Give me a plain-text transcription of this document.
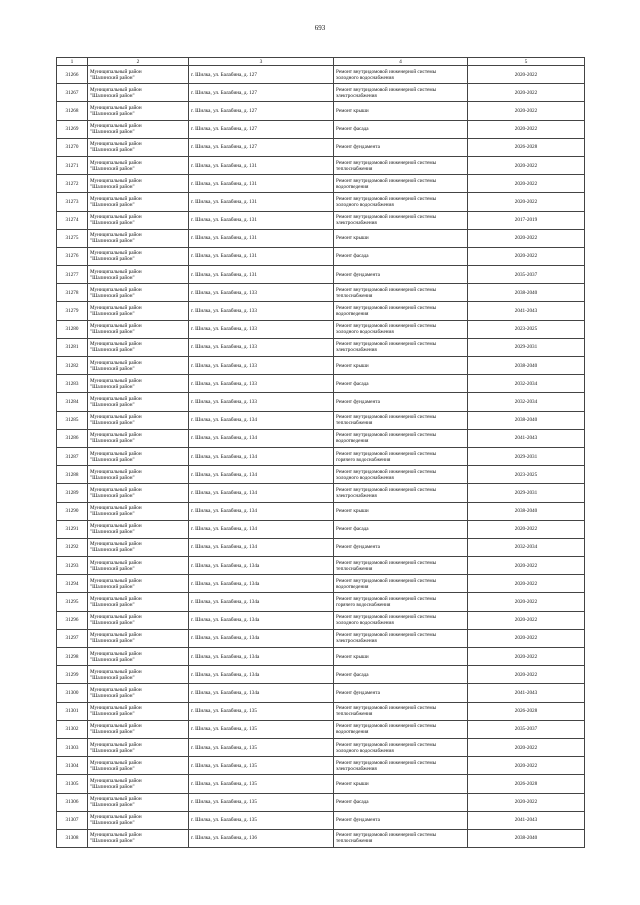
693
1	2	3	4	5
31266	Муниципальный район
"Шалинский район"	г. Шилка, ул. Балабина, д. 127	Ремонт внутридомовой инженерной системы
холодного водоснабжения	2020-2022
31267	Муниципальный район
"Шалинский район"	г. Шилка, ул. Балабина, д. 127	Ремонт внутридомовой инженерной системы
электроснабжения	2020-2022
31268	Муниципальный район
"Шалинский район"	г. Шилка, ул. Балабина, д. 127	Ремонт крыши	2020-2022
31269	Муниципальный район
"Шалинский район"	г. Шилка, ул. Балабина, д. 127	Ремонт фасада	2020-2022
31270	Муниципальный район
"Шалинский район"	г. Шилка, ул. Балабина, д. 127	Ремонт фундамента	2026-2028
31271	Муниципальный район
"Шалинский район"	г. Шилка, ул. Балабина, д. 131	Ремонт внутридомовой инженерной системы
теплоснабжения	2020-2022
31272	Муниципальный район
"Шалинский район"	г. Шилка, ул. Балабина, д. 131	Ремонт внутридомовой инженерной системы
водоотведения	2020-2022
31273	Муниципальный район
"Шалинский район"	г. Шилка, ул. Балабина, д. 131	Ремонт внутридомовой инженерной системы
холодного водоснабжения	2020-2022
31274	Муниципальный район
"Шалинский район"	г. Шилка, ул. Балабина, д. 131	Ремонт внутридомовой инженерной системы
электроснабжения	2017-2019
31275	Муниципальный район
"Шалинский район"	г. Шилка, ул. Балабина, д. 131	Ремонт крыши	2020-2022
31276	Муниципальный район
"Шалинский район"	г. Шилка, ул. Балабина, д. 131	Ремонт фасада	2020-2022
31277	Муниципальный район
"Шалинский район"	г. Шилка, ул. Балабина, д. 131	Ремонт фундамента	2035-2037
31278	Муниципальный район
"Шалинский район"	г. Шилка, ул. Балабина, д. 133	Ремонт внутридомовой инженерной системы
теплоснабжения	2038-2040
31279	Муниципальный район
"Шалинский район"	г. Шилка, ул. Балабина, д. 133	Ремонт внутридомовой инженерной системы
водоотведения	2041-2043
31280	Муниципальный район
"Шалинский район"	г. Шилка, ул. Балабина, д. 133	Ремонт внутридомовой инженерной системы
холодного водоснабжения	2023-2025
31281	Муниципальный район
"Шалинский район"	г. Шилка, ул. Балабина, д. 133	Ремонт внутридомовой инженерной системы
электроснабжения	2029-2031
31282	Муниципальный район
"Шалинский район"	г. Шилка, ул. Балабина, д. 133	Ремонт крыши	2038-2040
31283	Муниципальный район
"Шалинский район"	г. Шилка, ул. Балабина, д. 133	Ремонт фасада	2032-2034
31284	Муниципальный район
"Шалинский район"	г. Шилка, ул. Балабина, д. 133	Ремонт фундамента	2032-2034
31285	Муниципальный район
"Шалинский район"	г. Шилка, ул. Балабина, д. 134	Ремонт внутридомовой инженерной системы
теплоснабжения	2038-2040
31286	Муниципальный район
"Шалинский район"	г. Шилка, ул. Балабина, д. 134	Ремонт внутридомовой инженерной системы
водоотведения	2041-2043
31287	Муниципальный район
"Шалинский район"	г. Шилка, ул. Балабина, д. 134	Ремонт внутридомовой инженерной системы
горячего водоснабжения	2029-2031
31288	Муниципальный район
"Шалинский район"	г. Шилка, ул. Балабина, д. 134	Ремонт внутридомовой инженерной системы
холодного водоснабжения	2023-2025
31289	Муниципальный район
"Шалинский район"	г. Шилка, ул. Балабина, д. 134	Ремонт внутридомовой инженерной системы
электроснабжения	2029-2031
31290	Муниципальный район
"Шалинский район"	г. Шилка, ул. Балабина, д. 134	Ремонт крыши	2038-2040
31291	Муниципальный район
"Шалинский район"	г. Шилка, ул. Балабина, д. 134	Ремонт фасада	2020-2022
31292	Муниципальный район
"Шалинский район"	г. Шилка, ул. Балабина, д. 134	Ремонт фундамента	2032-2034
31293	Муниципальный район
"Шалинский район"	г. Шилка, ул. Балабина, д. 134а	Ремонт внутридомовой инженерной системы
теплоснабжения	2020-2022
31294	Муниципальный район
"Шалинский район"	г. Шилка, ул. Балабина, д. 134а	Ремонт внутридомовой инженерной системы
водоотведения	2020-2022
31295	Муниципальный район
"Шалинский район"	г. Шилка, ул. Балабина, д. 134а	Ремонт внутридомовой инженерной системы
горячего водоснабжения	2020-2022
31296	Муниципальный район
"Шалинский район"	г. Шилка, ул. Балабина, д. 134а	Ремонт внутридомовой инженерной системы
холодного водоснабжения	2020-2022
31297	Муниципальный район
"Шалинский район"	г. Шилка, ул. Балабина, д. 134а	Ремонт внутридомовой инженерной системы
электроснабжения	2020-2022
31298	Муниципальный район
"Шалинский район"	г. Шилка, ул. Балабина, д. 134а	Ремонт крыши	2020-2022
31299	Муниципальный район
"Шалинский район"	г. Шилка, ул. Балабина, д. 134а	Ремонт фасада	2020-2022
31300	Муниципальный район
"Шалинский район"	г. Шилка, ул. Балабина, д. 134а	Ремонт фундамента	2041-2043
31301	Муниципальный район
"Шалинский район"	г. Шилка, ул. Балабина, д. 135	Ремонт внутридомовой инженерной системы
теплоснабжения	2026-2028
31302	Муниципальный район
"Шалинский район"	г. Шилка, ул. Балабина, д. 135	Ремонт внутридомовой инженерной системы
водоотведения	2035-2037
31303	Муниципальный район
"Шалинский район"	г. Шилка, ул. Балабина, д. 135	Ремонт внутридомовой инженерной системы
холодного водоснабжения	2020-2022
31304	Муниципальный район
"Шалинский район"	г. Шилка, ул. Балабина, д. 135	Ремонт внутридомовой инженерной системы
электроснабжения	2020-2022
31305	Муниципальный район
"Шалинский район"	г. Шилка, ул. Балабина, д. 135	Ремонт крыши	2026-2028
31306	Муниципальный район
"Шалинский район"	г. Шилка, ул. Балабина, д. 135	Ремонт фасада	2020-2022
31307	Муниципальный район
"Шалинский район"	г. Шилка, ул. Балабина, д. 135	Ремонт фундамента	2041-2043
31308	Муниципальный район
"Шалинский район"	г. Шилка, ул. Балабина, д. 136	Ремонт внутридомовой инженерной системы
теплоснабжения	2038-2040
